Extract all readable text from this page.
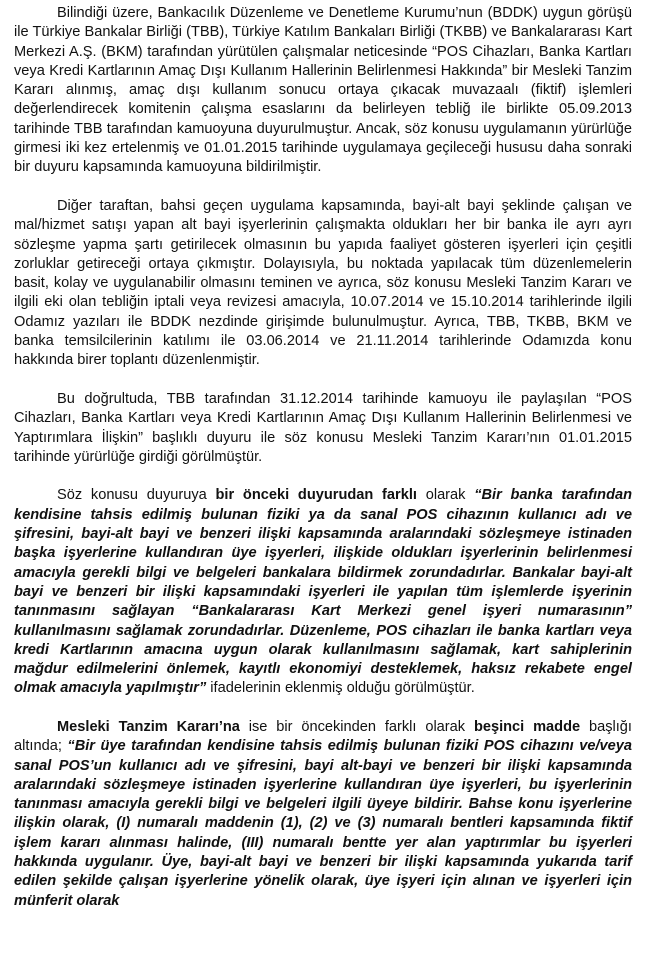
Bilindiği üzere, Bankacılık Düzenleme ve Denetleme Kurumu’nun (BDDK) uygun görüşü ile Türkiye Bankalar Birliği (TBB), Türkiye Katılım Bankaları Birliği (TKBB) ve Bankalararası Kart Merkezi A.Ş. (BKM) tarafından yürütülen çalışmalar neticesinde “POS Cihazları, Banka Kartları veya Kredi Kartlarının Amaç Dışı Kullanım Hallerinin Belirlenmesi Hakkında” bir Mesleki Tanzim Kararı alınmış, amaç dışı kullanım sonucu ortaya çıkacak muvazaalı (fiktif) işlemleri değerlendirecek komitenin çalışma esaslarını da belirleyen tebliğ ile birlikte 05.09.2013 tarihinde TBB tarafından kamuoyuna duyurulmuştur. Ancak, söz konusu uygulamanın yürürlüğe girmesi iki kez ertelenmiş ve 01.01.2015 tarihinde uygulamaya geçileceği hususu daha sonraki bir duyuru kapsamında kamuoyuna bildirilmiştir.

Diğer taraftan, bahsi geçen uygulama kapsamında, bayi-alt bayi şeklinde çalışan ve mal/hizmet satışı yapan alt bayi işyerlerinin çalışmakta oldukları her bir banka ile ayrı ayrı sözleşme yapma şartı getirilecek olmasının bu yapıda faaliyet gösteren işyerleri için çeşitli zorluklar getireceği ortaya çıkmıştır. Dolayısıyla, bu noktada yapılacak tüm düzenlemelerin basit, kolay ve uygulanabilir olmasını teminen ve ayrıca, söz konusu Mesleki Tanzim Kararı ve ilgili eki olan tebliğin iptali veya revizesi amacıyla, 10.07.2014 ve 15.10.2014 tarihlerinde ilgili Odamız yazıları ile BDDK nezdinde girişimde bulunulmuştur. Ayrıca, TBB, TKBB, BKM ve banka temsilcilerinin katılımı ile 03.06.2014 ve 21.11.2014 tarihlerinde Odamızda konu hakkında birer toplantı düzenlenmiştir.

Bu doğrultuda, TBB tarafından 31.12.2014 tarihinde kamuoyu ile paylaşılan “POS Cihazları, Banka Kartları veya Kredi Kartlarının Amaç Dışı Kullanım Hallerinin Belirlenmesi ve Yaptırımlara İlişkin” başlıklı duyuru ile söz konusu Mesleki Tanzim Kararı’nın 01.01.2015 tarihinde yürürlüğe girdiği görülmüştür.

Söz konusu duyuruya bir önceki duyurudan farklı olarak “Bir banka tarafından kendisine tahsis edilmiş bulunan fiziki ya da sanal POS cihazının kullanıcı adı ve şifresini, bayi-alt bayi ve benzeri ilişki kapsamında aralarındaki sözleşmeye istinaden başka işyerlerine kullandıran üye işyerleri, ilişkide oldukları işyerlerinin belirlenmesi amacıyla gerekli bilgi ve belgeleri bankalara bildirmek zorundadırlar. Bankalar bayi-alt bayi ve benzeri bir ilişki kapsamındaki işyerleri ile yapılan tüm işlemlerde işyerinin tanınmasını sağlayan “Bankalararası Kart Merkezi genel işyeri numarasının” kullanılmasını sağlamak zorundadırlar. Düzenleme, POS cihazları ile banka kartları veya kredi Kartlarının amacına uygun olarak kullanılmasını sağlamak, kart sahiplerinin mağdur edilmelerini önlemek, kayıtlı ekonomiyi desteklemek, haksız rekabete engel olmak amacıyla yapılmıştır” ifadelerinin eklenmiş olduğu görülmüştür.

Mesleki Tanzim Kararı’na ise bir öncekinden farklı olarak beşinci madde başlığı altında; “Bir üye tarafından kendisine tahsis edilmiş bulunan fiziki POS cihazını ve/veya sanal POS’un kullanıcı adı ve şifresini, bayi alt-bayi ve benzeri bir ilişki kapsamında aralarındaki sözleşmeye istinaden işyerlerine kullandıran üye işyerleri, bu işyerlerinin tanınması amacıyla gerekli bilgi ve belgeleri ilgili üyeye bildirir. Bahse konu işyerlerine ilişkin olarak, (I) numaralı maddenin (1), (2) ve (3) numaralı bentleri kapsamında fiktif işlem kararı alınması halinde, (III) numaralı bentte yer alan yaptırımlar bu işyerleri hakkında uygulanır. Üye, bayi-alt bayi ve benzeri bir ilişki kapsamında yukarıda tarif edilen şekilde çalışan işyerlerine yönelik olarak, üye işyeri için alınan ve işyerleri için münferit olarak
